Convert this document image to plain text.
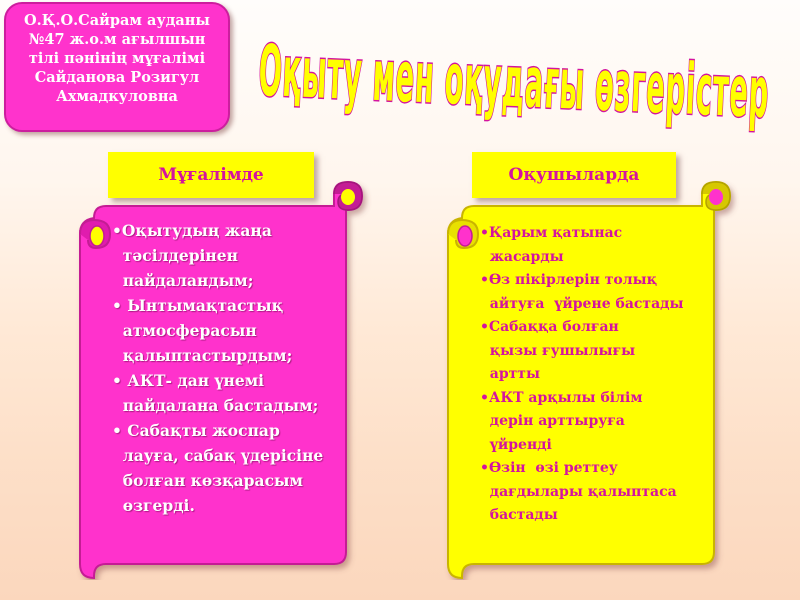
О.Қ.О.Сайрам ауданы
№47 ж.о.м ағылшын
тілі пәнінің мұғалімі
Сайданова Розигул
Ахмадкуловна	Оқыту мен оқудағы өзгерістер
Мұғалімде	Оқушыларда
•Оқытудың жаңа
тәсілдерінен
пайдаландым;
• Ынтымақтастық
атмосферасын
қалыптастырдым;
• АКТ- дан үнемі
пайдалана бастадым;
• Сабақты жоспар
лауға, сабақ үдерісіне
болған көзқарасым
өзгерді.
•Қарым қатынас
жасарды
•Өз пікірлерін толық
айтуға  үйрене бастады
•Сабаққа болған
қызы ғушылығы
артты
•АКТ арқылы білім
дерін арттыруға
үйренді
•Өзін  өзі реттеу
дағдылары қалыптаса
бастады
